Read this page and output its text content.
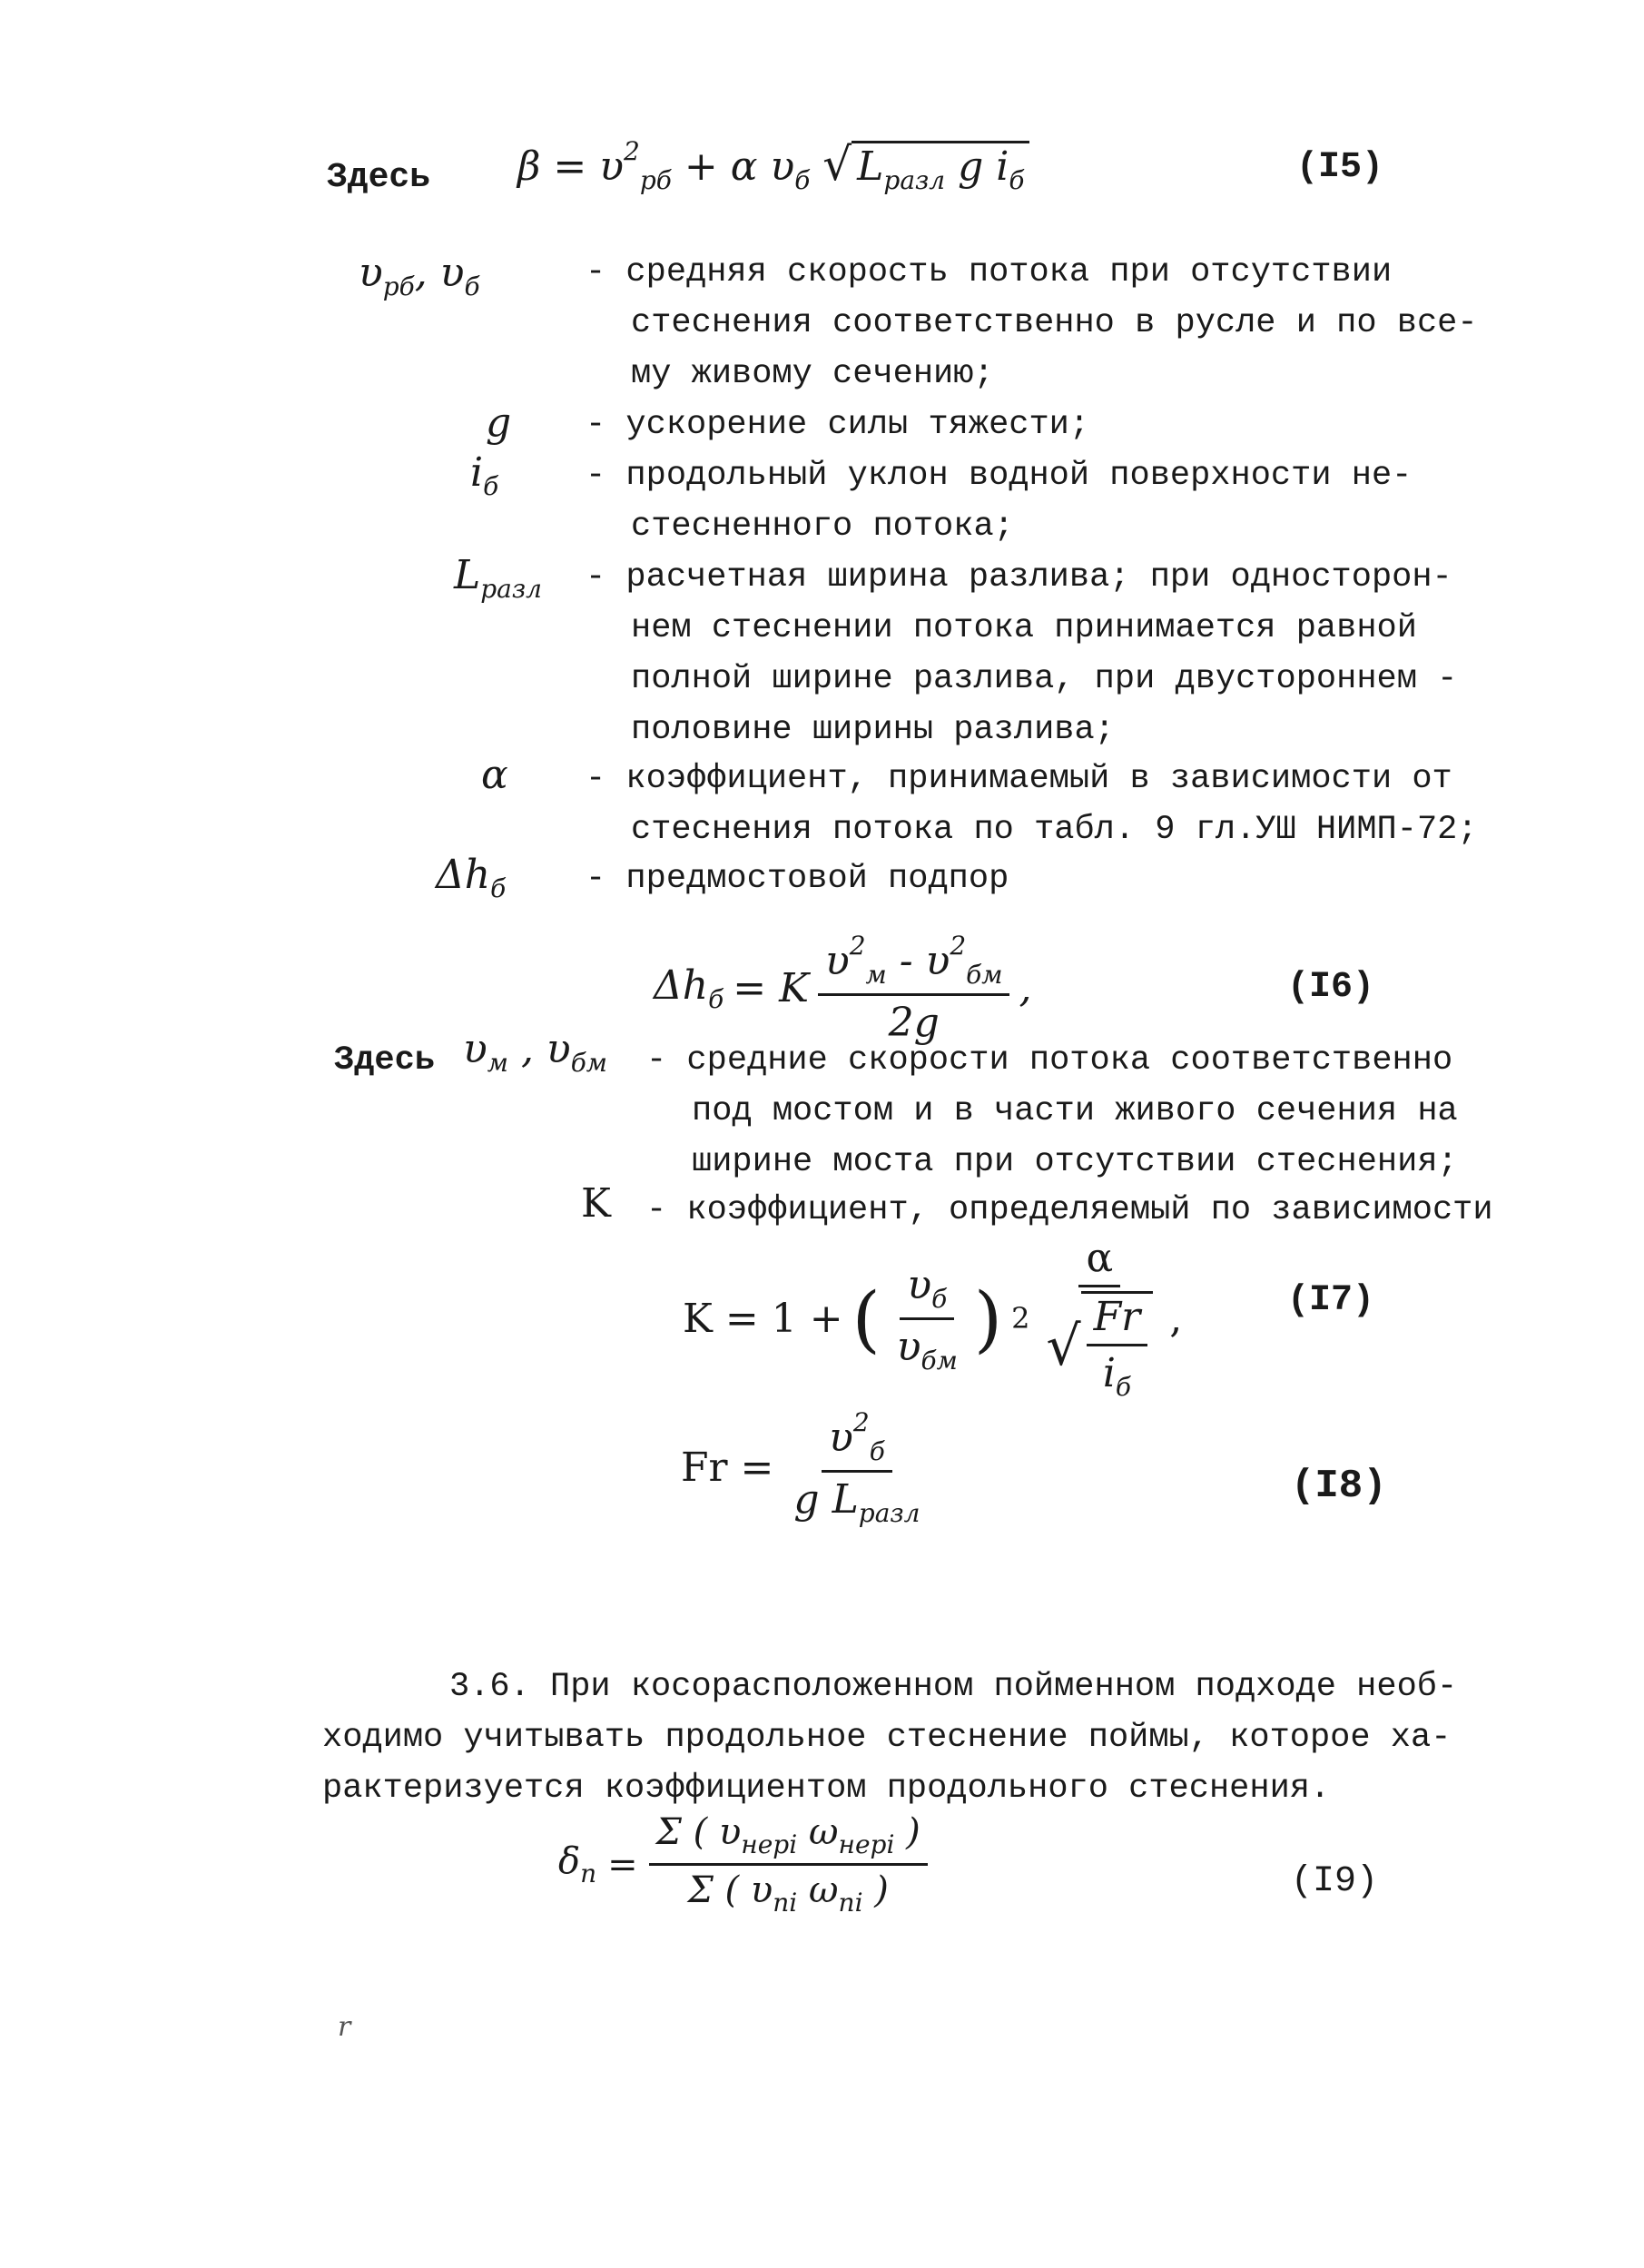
Здесь $\beta = \upsilon^2_{рб} + \alpha$ $\upsilon_б$ √ $L_{разл}$ g $i_б$	(I5)
$\upsilon_{рб}$, $\upsilon_б$	- средняя скорость потока при отсутствии
стеснения соответственно в русле и по все-
му живому сечению;
g - ускорение силы тяжести;
$i_б$	- продольный уклон водной поверхности не-
стесненного потока;
$L_{разл}$ - расчетная ширина разлива; при односторон-
нем стеснении потока принимается равной
полной ширине разлива, при двустороннем -
половине ширины разлива;
α - коэффициент, принимаемый в зависимости от
стеснения потока по табл. 9 гл.УШ НИМП-72;
$\Delta h_б$ - предмостовой подпор
$\Delta h_б = K \frac{\upsilon^2_м - \upsilon^2_{бм}}{2g}$ ,	(I6)
Здесь $\upsilon_м$ , $\upsilon_{бм}$ - средние скорости потока соответственно
под мостом и в части живого сечения на
ширине моста при отсутствии стеснения;
K - коэффициент, определяемый по зависимости
K = 1 + ( $\frac{\upsilon_б}{\upsilon_{бм}}$ ) $2 \frac{\alpha}{√ \frac{Fr}{i_б}}$ ,	(I7)
$Fr = \frac{\upsilon^2_б}{g L_{разл}}$	(I8)
3.6. При косорасположенном пойменном подходе необ-
ходимо учитывать продольное стеснение поймы, которое ха-
рактеризуется коэффициентом продольного стеснения.
$\delta_п = \frac{\Sigma ( \upsilon_{нерi} \omega_{нерi} )}{\Sigma ( \upsilon_{пi} \omega_{пi} )}$	(I9)
r
